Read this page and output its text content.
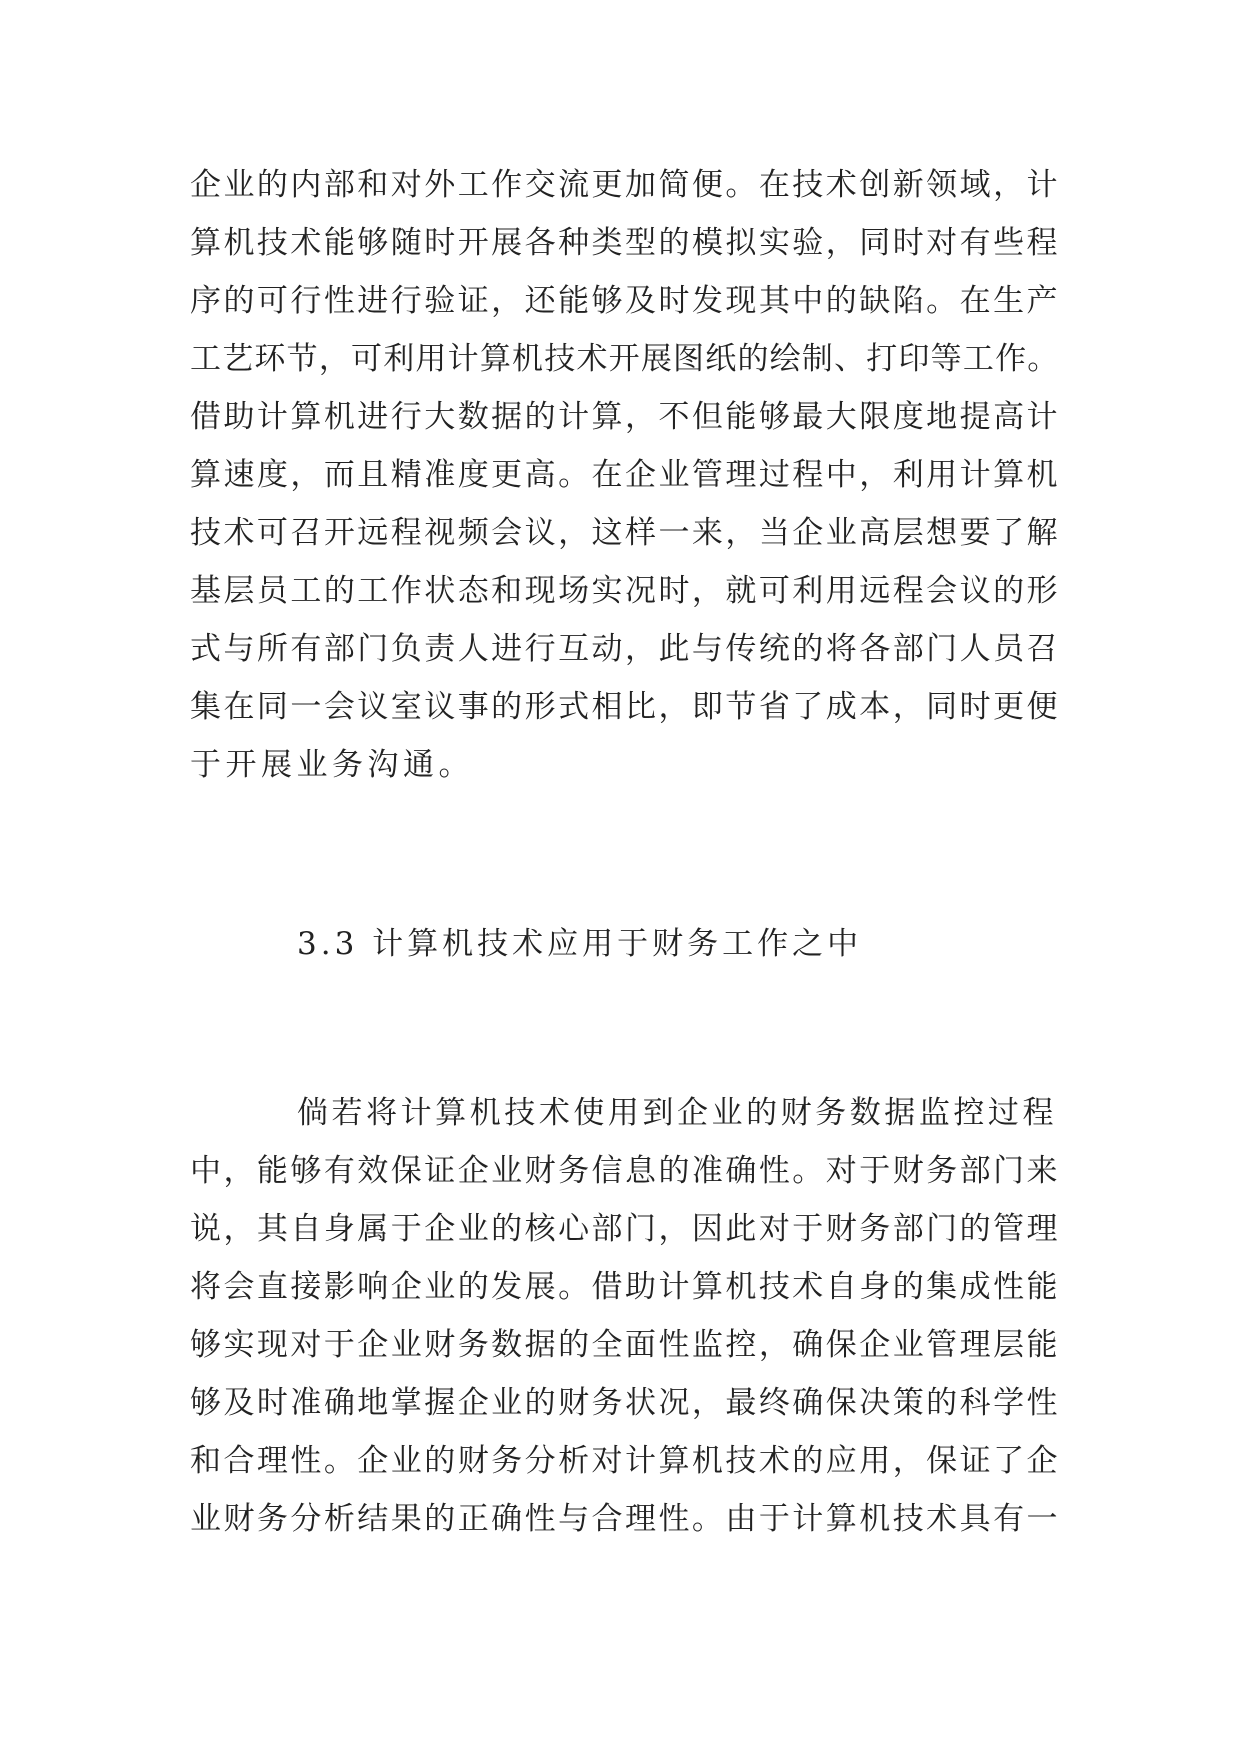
企业的内部和对外工作交流更加简便。在技术创新领域，计
算机技术能够随时开展各种类型的模拟实验，同时对有些程
序的可行性进行验证，还能够及时发现其中的缺陷。在生产
工艺环节，可利用计算机技术开展图纸的绘制、打印等工作。
借助计算机进行大数据的计算，不但能够最大限度地提高计
算速度，而且精准度更高。在企业管理过程中，利用计算机
技术可召开远程视频会议，这样一来，当企业高层想要了解
基层员工的工作状态和现场实况时，就可利用远程会议的形
式与所有部门负责人进行互动，此与传统的将各部门人员召
集在同一会议室议事的形式相比，即节省了成本，同时更便
于开展业务沟通。
3.3 计算机技术应用于财务工作之中
倘若将计算机技术使用到企业的财务数据监控过程
中，能够有效保证企业财务信息的准确性。对于财务部门来
说，其自身属于企业的核心部门，因此对于财务部门的管理
将会直接影响企业的发展。借助计算机技术自身的集成性能
够实现对于企业财务数据的全面性监控，确保企业管理层能
够及时准确地掌握企业的财务状况，最终确保决策的科学性
和合理性。企业的财务分析对计算机技术的应用，保证了企
业财务分析结果的正确性与合理性。由于计算机技术具有一
